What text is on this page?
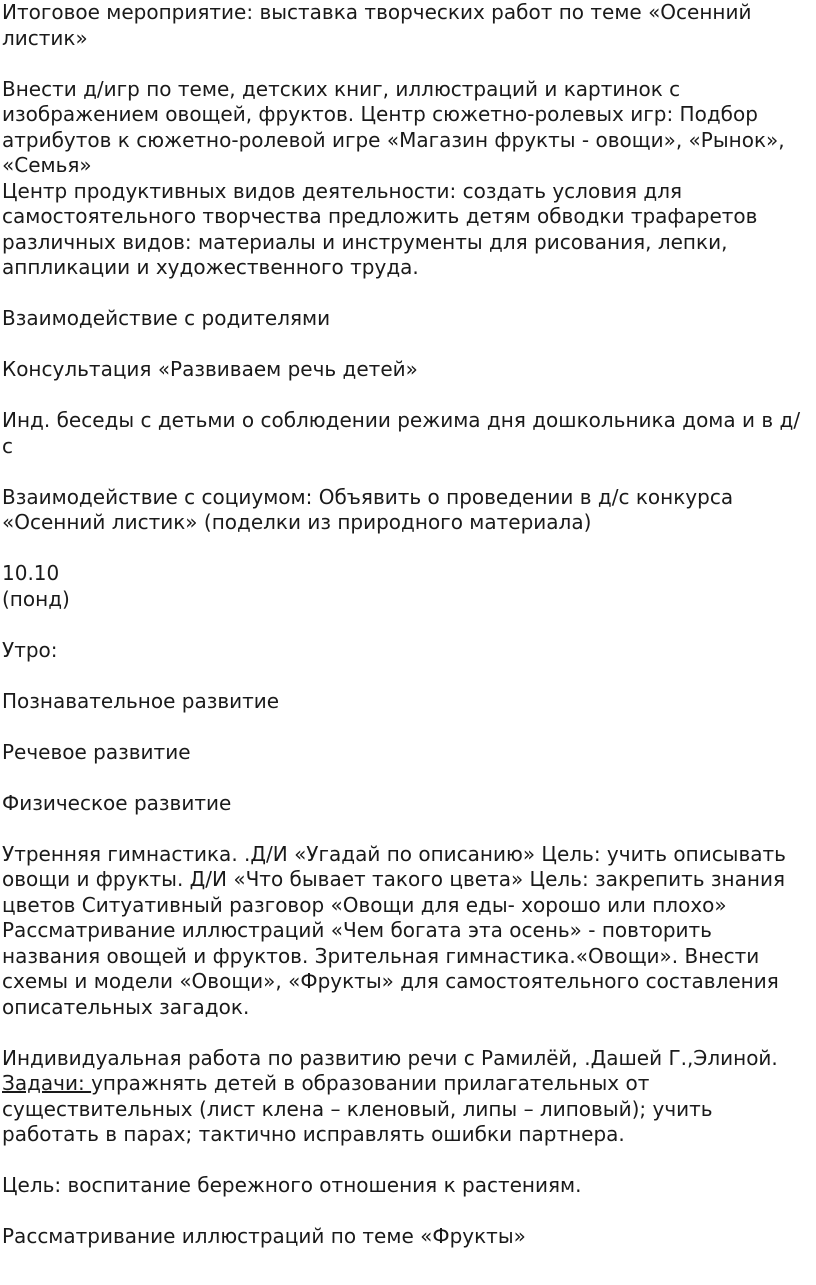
Итоговое мероприятие: выставка творческих работ по теме «Осенний листик»

Внести д/игр по теме, детских книг, иллюстраций и картинок с изображением овощей, фруктов. Центр сюжетно-ролевых игр: Подбор атрибутов к сюжетно-ролевой игре «Магазин фрукты - овощи», «Рынок», «Семья»

Центр продуктивных видов деятельности: создать условия для самостоятельного творчества предложить детям обводки трафаретов различных видов: материалы и инструменты для рисования, лепки, аппликации и художественного труда.

Взаимодействие с родителями

Консультация «Развиваем речь детей»

Инд. беседы с детьми о соблюдении режима дня дошкольника дома и в д/с

Взаимодействие с социумом: Объявить о проведении в д/с конкурса «Осенний листик» (поделки из природного материала)

10.10

(понд)

Утро:

Познавательное развитие

Речевое развитие

Физическое развитие

Утренняя гимнастика. .Д/И «Угадай по описанию» Цель: учить описывать овощи и фрукты. Д/И «Что бывает такого цвета» Цель: закрепить знания цветов Ситуативный разговор «Овощи для еды- хорошо или плохо» Рассматривание иллюстраций «Чем богата эта осень» - повторить названия овощей и фруктов. Зрительная гимнастика.«Овощи». Внести схемы и модели «Овощи», «Фрукты» для самостоятельного составления описательных загадок.

Индивидуальная работа по развитию речи с Рамилёй, .Дашей Г.,Элиной. Задачи: упражнять детей в образовании прилагательных от существительных (лист клена – кленовый, липы – липовый); учить работать в парах; тактично исправлять ошибки партнера.

Цель: воспитание бережного отношения к растениям.

Рассматривание иллюстраций по теме «Фрукты»
